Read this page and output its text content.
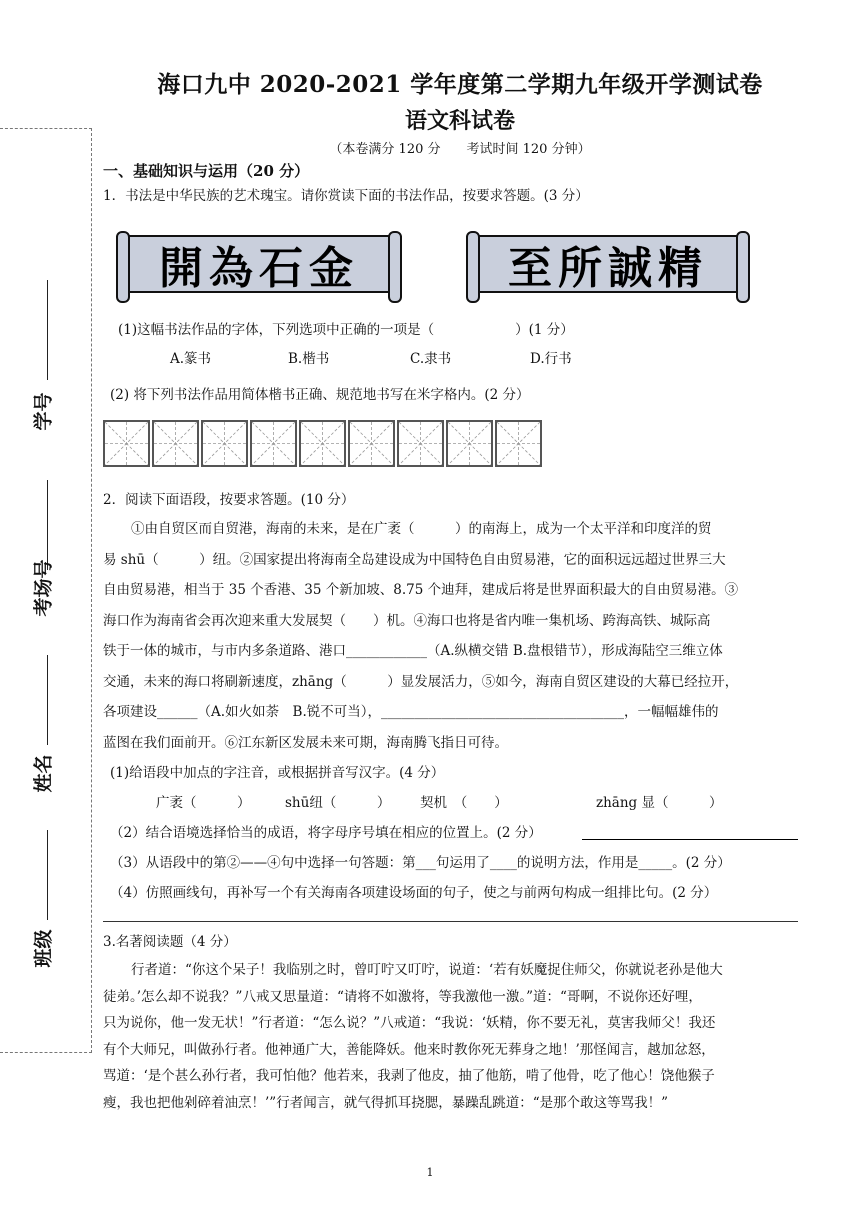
海口九中 2020-2021 学年度第二学期九年级开学测试卷
语文科试卷
（本卷满分 120 分　　考试时间 120 分钟）
学号
考场号
姓名
班级
一、基础知识与运用（20 分）
1．书法是中华民族的艺术瑰宝。请你赏读下面的书法作品，按要求答题。(3 分）
開為石金	至所誠精
(1)这幅书法作品的字体，下列选项中正确的一项是（　　　　　　）(1 分）
A.篆书	B.楷书	C.隶书	D.行书
(2) 将下列书法作品用简体楷书正确、规范地书写在米字格内。(2 分）
2．阅读下面语段，按要求答题。(10 分）
①由自贸区而自贸港，海南的未来，是在广袤（　　　）的南海上，成为一个太平洋和印度洋的贸
易 shū（　　　）纽。②国家提出将海南全岛建设成为中国特色自由贸易港，它的面积远远超过世界三大
自由贸易港，相当于 35 个香港、35 个新加坡、8.75 个迪拜，建成后将是世界面积最大的自由贸易港。③
海口作为海南省会再次迎来重大发展契（　　）机。④海口也将是省内唯一集机场、跨海高铁、城际高
铁于一体的城市，与市内多条道路、港口____________（A.纵横交错 B.盘根错节），形成海陆空三维立体
交通，未来的海口将刷新速度，zhāng（　　　）显发展活力，⑤如今，海南自贸区建设的大幕已经拉开，
各项建设______（A.如火如荼　B.锐不可当），____________________________________，一幅幅雄伟的
蓝图在我们面前开。⑥江东新区发展未来可期，海南腾飞指日可待。
(1)给语段中加点的字注音，或根据拼音写汉字。(4 分）
广袤（　　　）	shū纽（　　　） 契机　（　　）	zhāng 显（　　　）
（2）结合语境选择恰当的成语，将字母序号填在相应的位置上。(2 分）
（3）从语段中的第②——④句中选择一句答题：第___句运用了____的说明方法，作用是_____。(2 分）
（4）仿照画线句，再补写一个有关海南各项建设场面的句子，使之与前两句构成一组排比句。(2 分）
3.名著阅读题（4 分）
行者道：“你这个呆子！我临别之时，曾叮咛又叮咛，说道：‘若有妖魔捉住师父，你就说老孙是他大
徒弟。’怎么却不说我？”八戒又思量道：“请将不如激将，等我激他一激。”道：“哥啊，不说你还好哩，
只为说你，他一发无状！”行者道：“怎么说？”八戒道：“我说：‘妖精，你不要无礼，莫害我师父！我还
有个大师兄，叫做孙行者。他神通广大，善能降妖。他来时教你死无葬身之地！’那怪闻言，越加忿怒，
骂道：‘是个甚么孙行者，我可怕他？他若来，我剥了他皮，抽了他筋，啃了他骨，吃了他心！饶他猴子
瘦，我也把他剁碎着油烹！’”行者闻言，就气得抓耳挠腮，暴躁乱跳道：“是那个敢这等骂我！”
1
